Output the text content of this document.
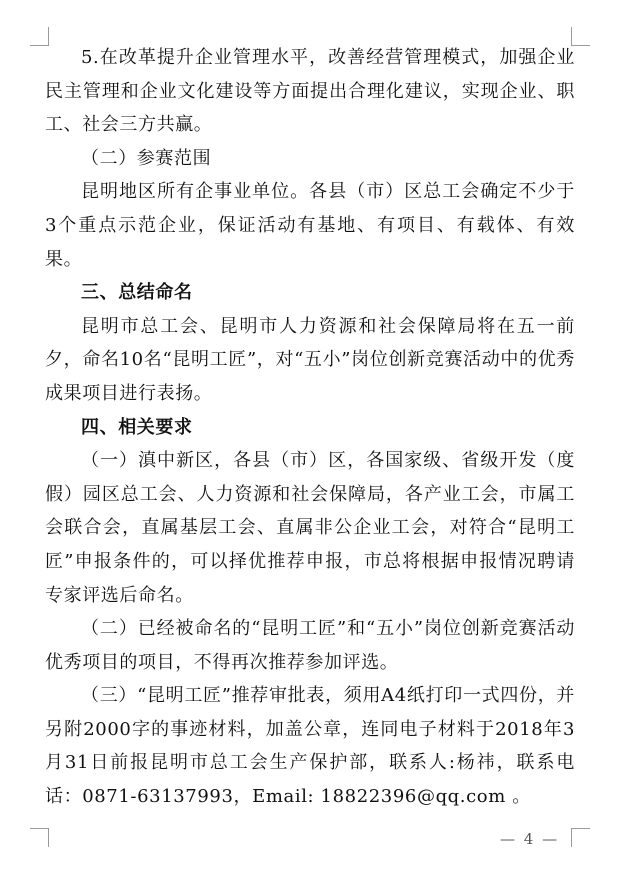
5.在改革提升企业管理水平，改善经营管理模式，加强企业民主管理和企业文化建设等方面提出合理化建议，实现企业、职工、社会三方共赢。

（二）参赛范围

昆明地区所有企事业单位。各县（市）区总工会确定不少于3个重点示范企业，保证活动有基地、有项目、有载体、有效果。

三、总结命名

昆明市总工会、昆明市人力资源和社会保障局将在五一前夕，命名10名“昆明工匠”，对“五小”岗位创新竞赛活动中的优秀成果项目进行表扬。

四、相关要求

（一）滇中新区，各县（市）区，各国家级、省级开发（度假）园区总工会、人力资源和社会保障局，各产业工会，市属工会联合会，直属基层工会、直属非公企业工会，对符合“昆明工匠”申报条件的，可以择优推荐申报，市总将根据申报情况聘请专家评选后命名。

（二）已经被命名的“昆明工匠”和“五小”岗位创新竞赛活动优秀项目的项目，不得再次推荐参加评选。

（三）“昆明工匠”推荐审批表，须用A4纸打印一式四份，并另附2000字的事迹材料，加盖公章，连同电子材料于2018年3月31日前报昆明市总工会生产保护部，联系人:杨祎，联系电话：0871-63137993，Email: 18822396@qq.com 。

— 4 —
